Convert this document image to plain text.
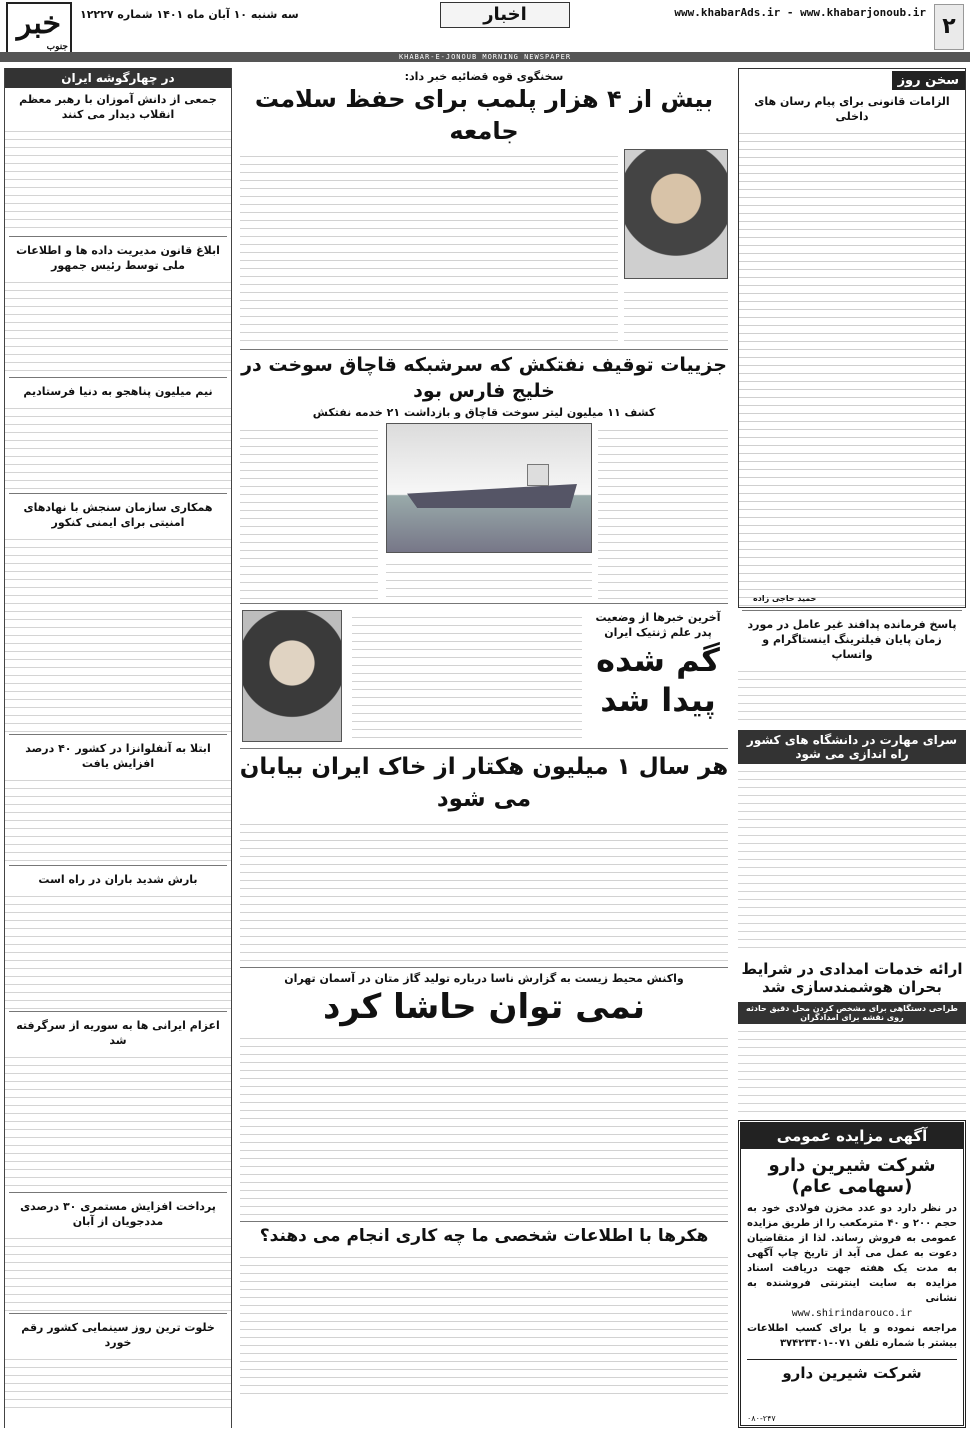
۲
www.khabarAds.ir - www.khabarjonoub.ir
اخبار
سه شنبه ۱۰ آبان ماه ۱۴۰۱ شماره ۱۲۲۲۷
خبر
جنوب
KHABAR-E-JONOUB MORNING NEWSPAPER
سخن روز
الزامات قانونی برای پیام رسان های داخلی
حمید حاجی زاده
پاسخ فرمانده پدافند غیر عامل در مورد زمان پایان فیلترینگ اینستاگرام و واتساپ
سرای مهارت در دانشگاه های کشور راه اندازی می شود
ارائه خدمات امدادی در شرایط بحران هوشمندسازی شد
طراحی دستگاهی برای مشخص کردن محل دقیق حادثه روی نقشه برای امدادگران
آگهی مزایده عمومی
شرکت شیرین دارو (سهامی عام)
در نظر دارد دو عدد مخزن فولادی خود به حجم ۲۰۰ و ۴۰ مترمکعب را از طریق مزایده عمومی به فروش رساند. لذا از متقاضیان دعوت به عمل می آید از تاریخ چاپ آگهی به مدت یک هفته جهت دریافت اسناد مزایده به سایت اینترنتی فروشنده به نشانی
www.shirindarouco.ir
مراجعه نموده و یا برای کسب اطلاعات بیشتر با شماره تلفن ۰۷۱-۳۷۴۲۳۳۰۱
شرکت شیرین دارو
۰۸۰-۲۴۷
در چهارگوشه ایران
جمعی از دانش آموزان با رهبر معظم انقلاب دیدار می کنند
ابلاغ قانون مدیریت داده ها و اطلاعات ملی توسط رئیس جمهور
نیم میلیون پناهجو به دنیا فرستادیم
همکاری سازمان سنجش با نهادهای امنیتی برای ایمنی کنکور
ابتلا به آنفلوانزا در کشور ۴۰ درصد افزایش یافت
بارش شدید باران در راه است
اعزام ایرانی ها به سوریه از سرگرفته شد
پرداخت افزایش مستمری ۳۰ درصدی مددجویان از آبان
خلوت ترین روز سینمایی کشور رقم خورد
سخنگوی قوه قضائیه خبر داد:
بیش از ۴ هزار پلمب برای حفظ سلامت جامعه
جزییات توقیف نفتکش که سرشبکه قاچاق سوخت در خلیج فارس بود
کشف ۱۱ میلیون لیتر سوخت قاچاق و بازداشت ۲۱ خدمه نفتکش
آخرین خبرها از وضعیت پدر علم ژنتیک ایران
گم شده پیدا شد
هر سال ۱ میلیون هکتار از خاک ایران بیابان می شود
واکنش محیط زیست به گزارش ناسا درباره تولید گاز متان در آسمان تهران
نمی توان حاشا کرد
هکرها با اطلاعات شخصی ما چه کاری انجام می دهند؟
